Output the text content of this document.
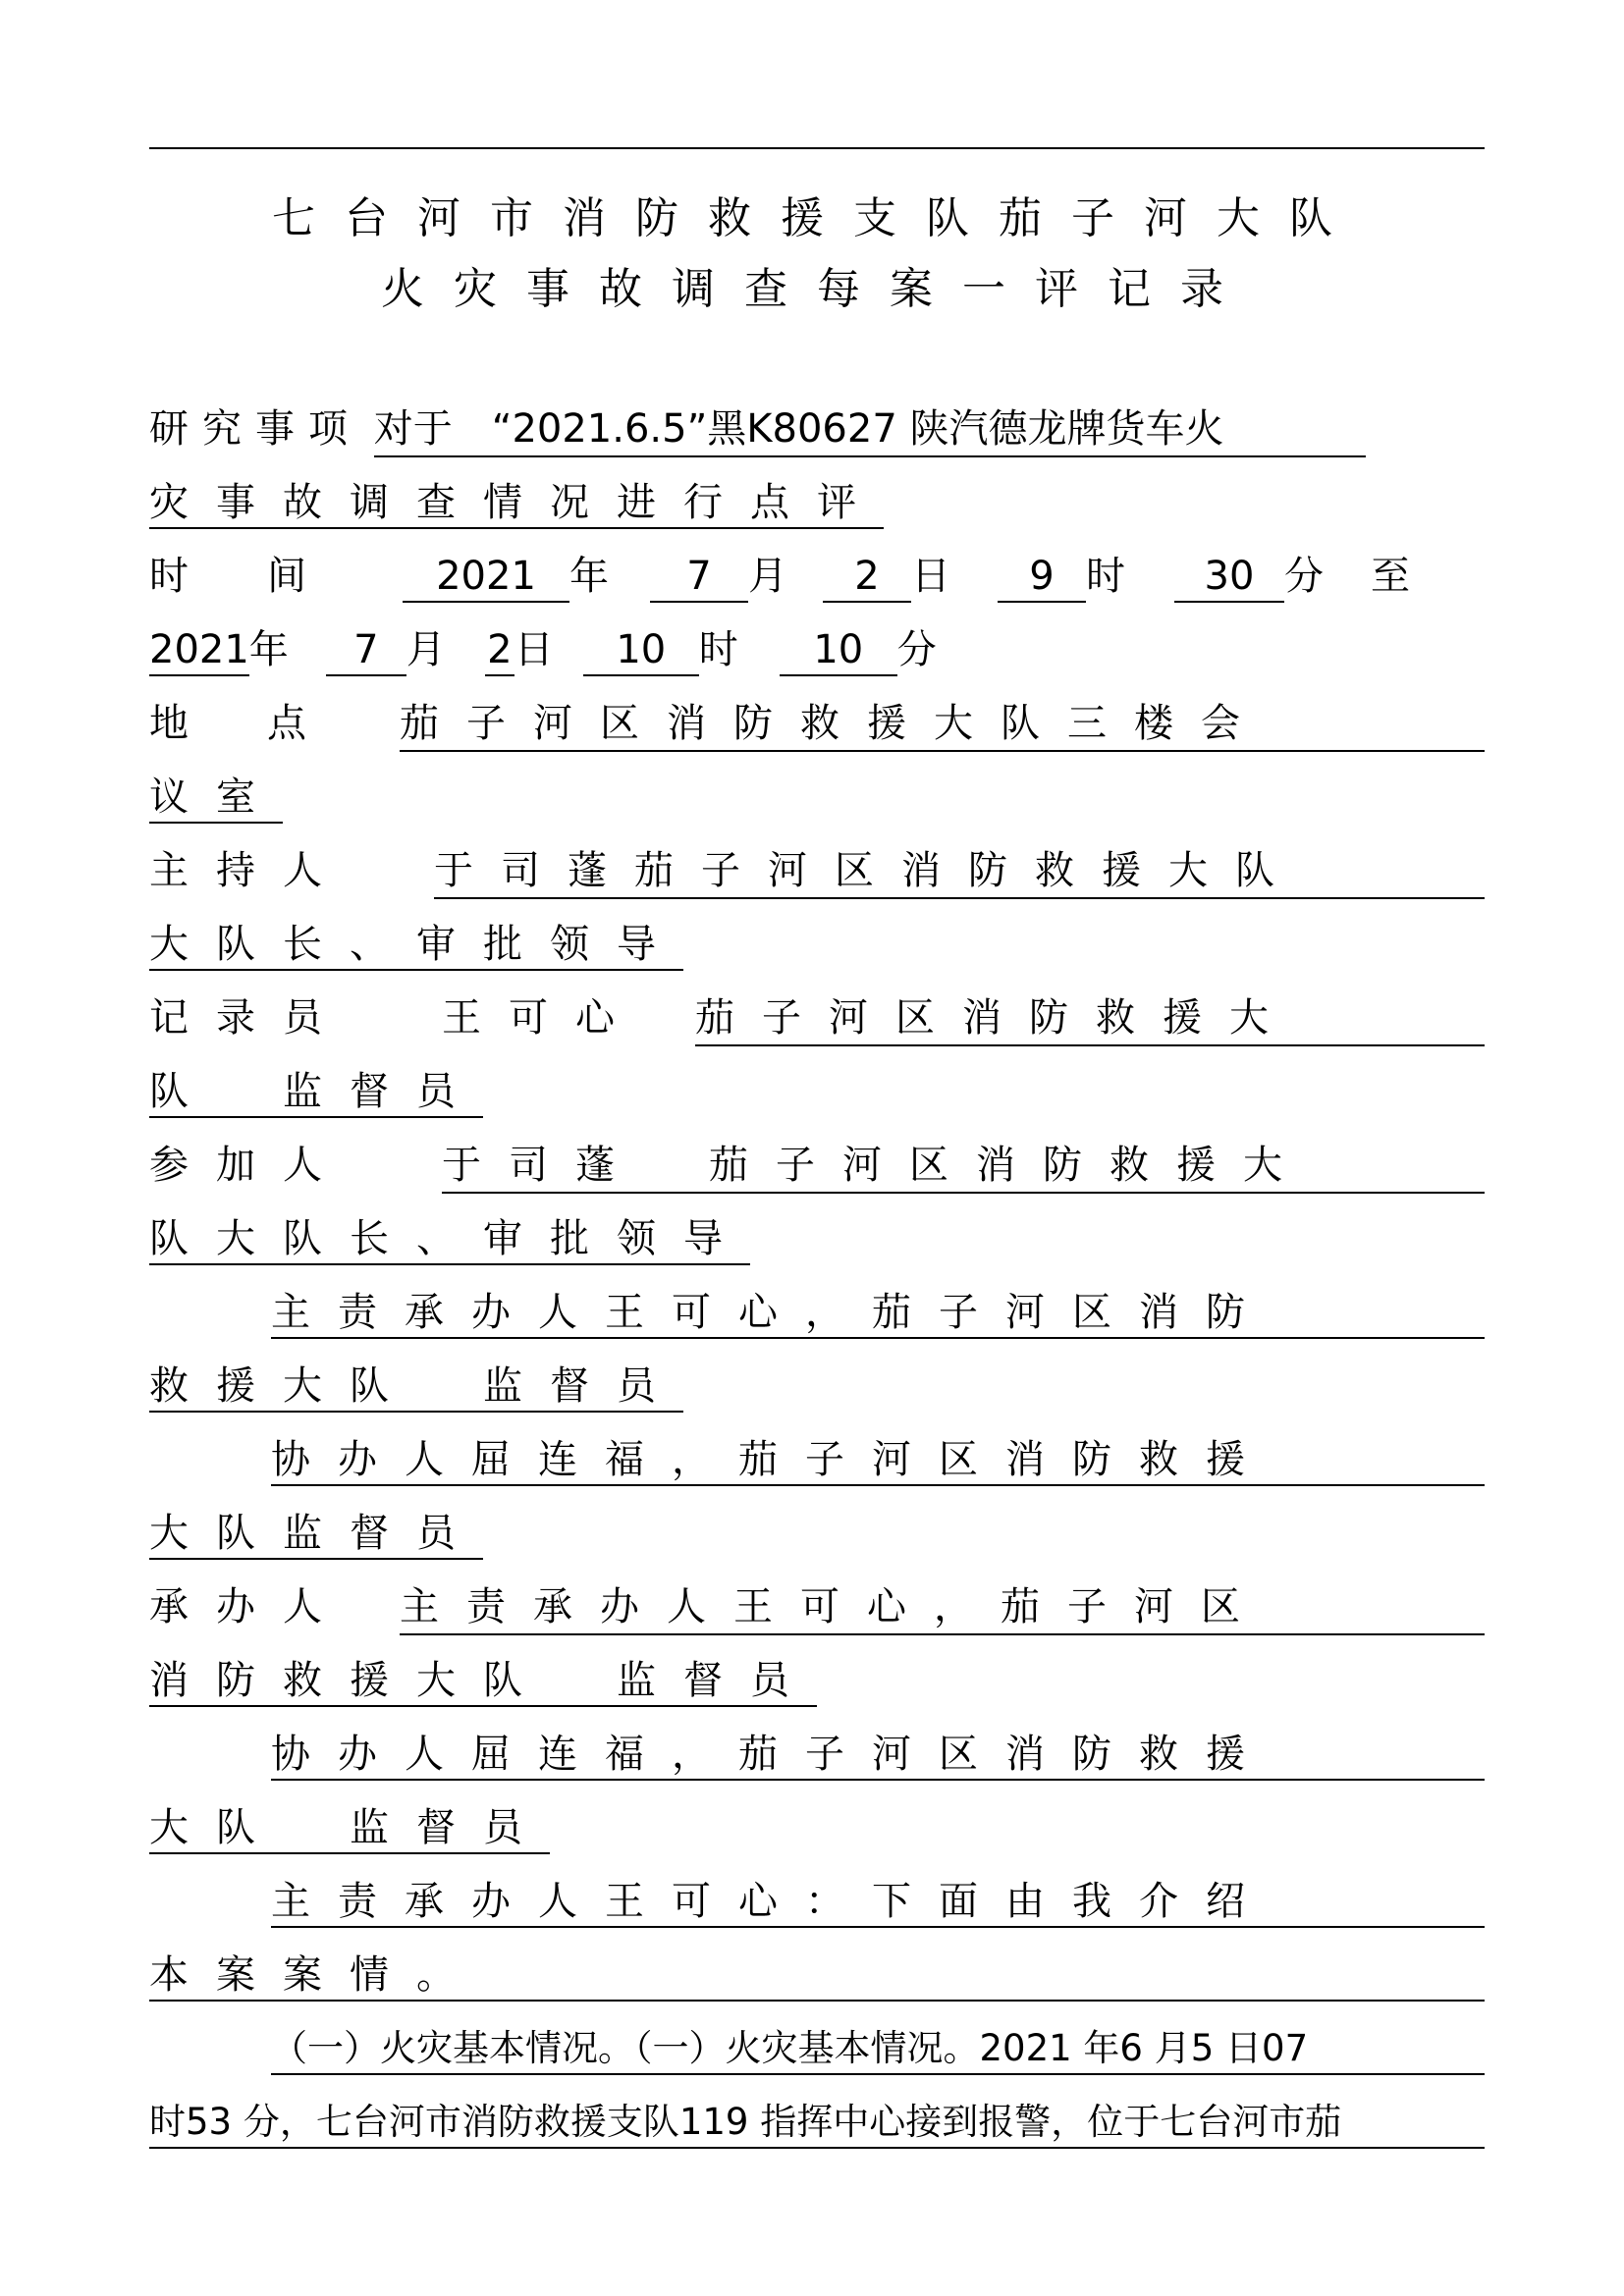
七台河市消防救援支队茄子河大队
火灾事故调查每案一评记录
研究事项 对于　“2021.6.5”黑K80627 陕汽德龙牌货车火
灾事故调查情况进行点评
时　　间	2021 年 7 月 2 日 9 时 30 分 至
2021年 7 月 2日 10 时 10 分
地　　点 茄子河区消防救援大队三楼会
议室
主持人 于司蓬茄子河区消防救援大队
大队长、审批领导
记录员 王可心 茄子河区消防救援大
队　监督员
参加人 于司蓬　茄子河区消防救援大
队大队长、审批领导
主责承办人王可心，茄子河区消防
救援大队　监督员
协办人屈连福，茄子河区消防救援
大队监督员
承办人 主责承办人王可心，茄子河区
消防救援大队　监督员
协办人屈连福，茄子河区消防救援
大队　监督员
主责承办人王可心：下面由我介绍
本案案情。
（一）火灾基本情况。（一）火灾基本情况。2021 年6 月5 日07
时53 分，七台河市消防救援支队119 指挥中心接到报警，位于七台河市茄
